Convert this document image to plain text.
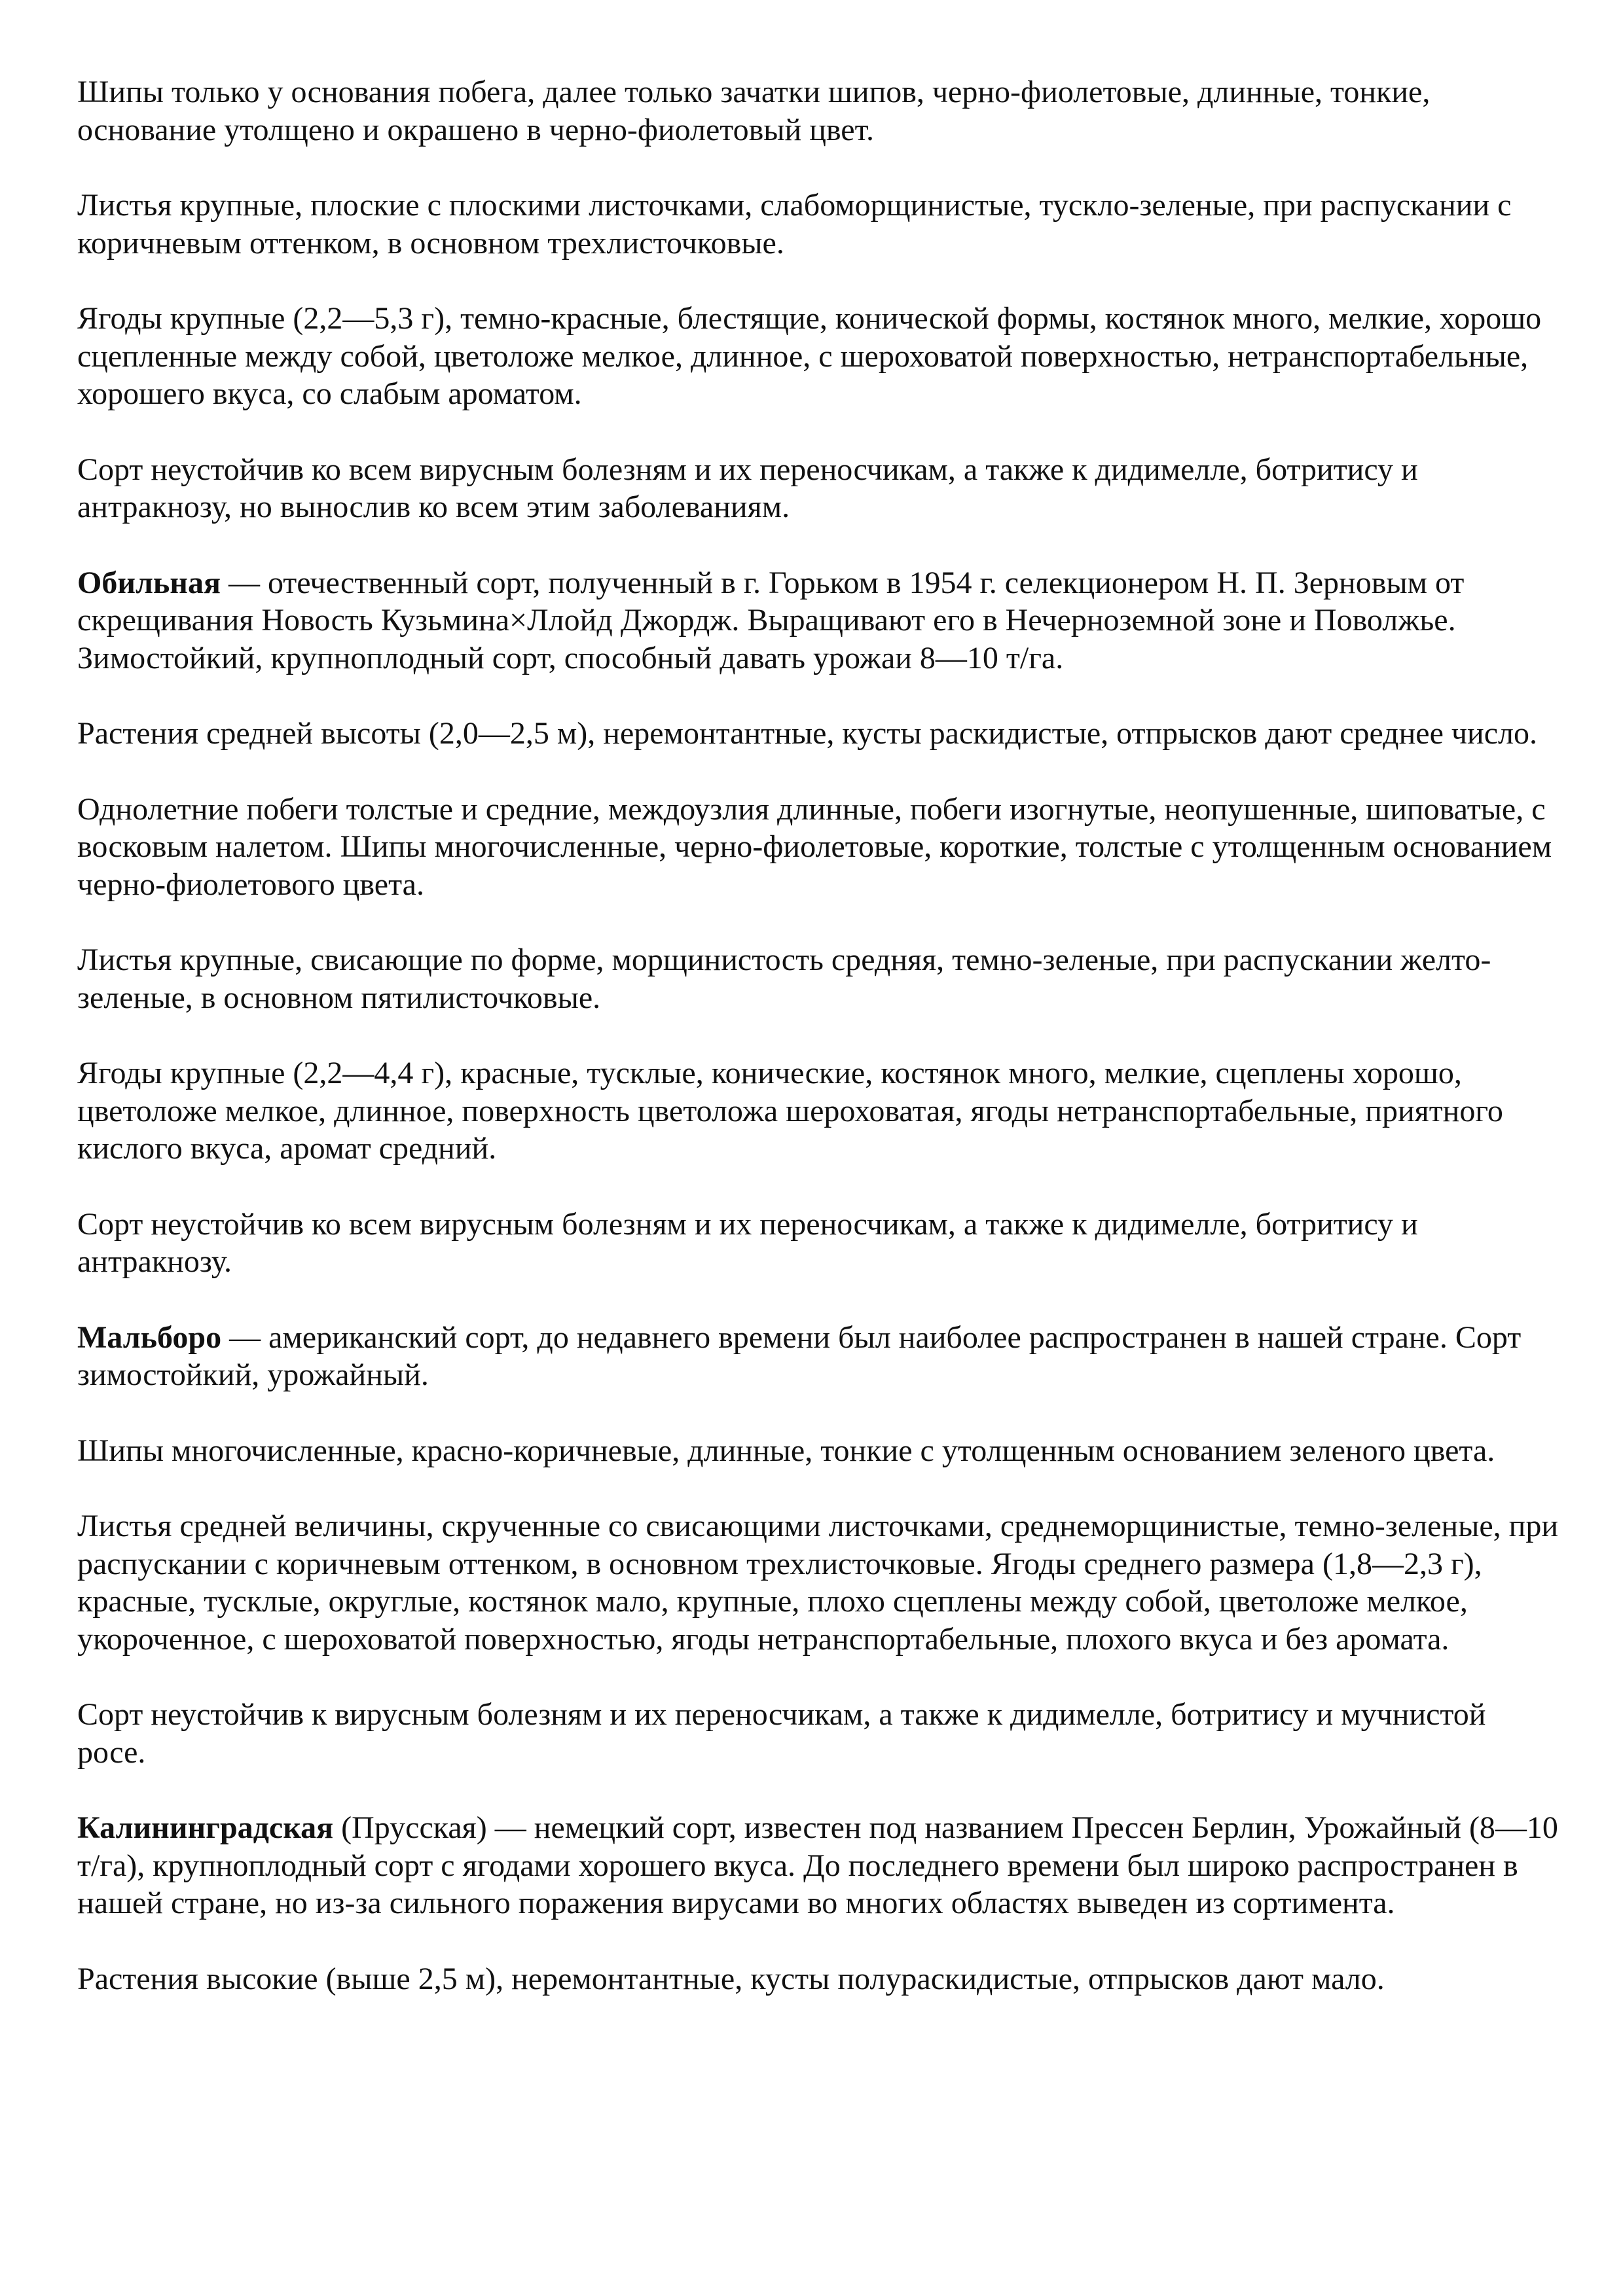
Шипы только у основания побега, далее только зачатки шипов, черно-фиолетовые, длинные, тонкие, основание утолщено и окрашено в черно-фиолетовый цвет.

Листья крупные, плоские с плоскими листочками, слабоморщинистые, тускло-зеленые, при распускании с коричневым оттенком, в основном трехлисточковые.

Ягоды крупные (2,2—5,3 г), темно-красные, блестящие, конической формы, костянок много, мелкие, хорошо сцепленные между собой, цветоложе мелкое, длинное, с шероховатой поверхностью, нетранспортабельные, хорошего вкуса, со слабым ароматом.

Сорт неустойчив ко всем вирусным болезням и их переносчикам, а также к дидимелле, ботритису и антракнозу, но вынослив ко всем этим заболеваниям.

Обильная — отечественный сорт, полученный в г. Горьком в 1954 г. селекционером Н. П. Зерновым от скрещивания Новость Кузьмина×Ллойд Джордж. Выращивают его в Нечерноземной зоне и Поволжье. Зимостойкий, крупноплодный сорт, способный давать урожаи 8—10 т/га.

Растения средней высоты (2,0—2,5 м), неремонтантные, кусты раскидистые, отпрысков дают среднее число.

Однолетние побеги толстые и средние, междоузлия длинные, побеги изогнутые, неопушенные, шиповатые, с восковым налетом. Шипы многочисленные, черно-фиолетовые, короткие, толстые с утолщенным основанием черно-фиолетового цвета.

Листья крупные, свисающие по форме, морщинистость средняя, темно-зеленые, при распускании желто-зеленые, в основном пятилисточковые.

Ягоды крупные (2,2—4,4 г), красные, тусклые, конические, костянок много, мелкие, сцеплены хорошо, цветоложе мелкое, длинное, поверхность цветоложа шероховатая, ягоды нетранспортабельные, приятного кислого вкуса, аромат средний.

Сорт неустойчив ко всем вирусным болезням и их переносчикам, а также к дидимелле, ботритису и антракнозу.

Мальборо — американский сорт, до недавнего времени был наиболее распространен в нашей стране. Сорт зимостойкий, урожайный.

Шипы многочисленные, красно-коричневые, длинные, тонкие с утолщенным основанием зеленого цвета.

Листья средней величины, скрученные со свисающими листочками, среднеморщинистые, темно-зеленые, при распускании с коричневым оттенком, в основном трехлисточковые. Ягоды среднего размера (1,8—2,3 г), красные, тусклые, округлые, костянок мало, крупные, плохо сцеплены между собой, цветоложе мелкое, укороченное, с шероховатой поверхностью, ягоды нетранспортабельные, плохого вкуса и без аромата.

Сорт неустойчив к вирусным болезням и их переносчикам, а также к дидимелле, ботритису и мучнистой росе.

Калининградская (Прусская) — немецкий сорт, известен под названием Прессен Берлин, Урожайный (8—10 т/га), крупноплодный сорт с ягодами хорошего вкуса. До последнего времени был широко распространен в нашей стране, но из-за сильного поражения вирусами во многих областях выведен из сортимента.

Растения высокие (выше 2,5 м), неремонтантные, кусты полураскидистые, отпрысков дают мало.
